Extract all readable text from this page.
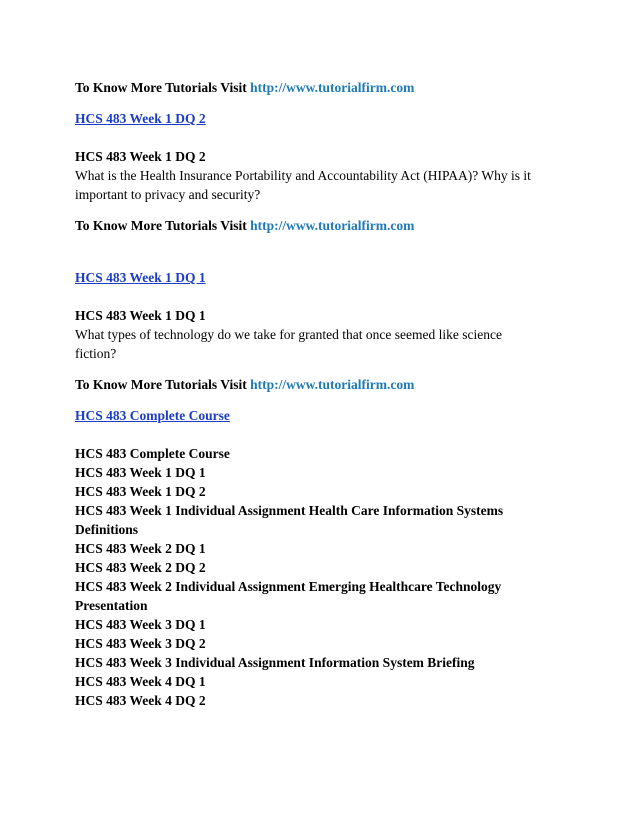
To Know More Tutorials Visit http://www.tutorialfirm.com
HCS 483 Week 1 DQ 2
HCS 483 Week 1 DQ 2
What is the Health Insurance Portability and Accountability Act (HIPAA)? Why is it important to privacy and security?
To Know More Tutorials Visit http://www.tutorialfirm.com
HCS 483 Week 1 DQ 1
HCS 483 Week 1 DQ 1
What types of technology do we take for granted that once seemed like science fiction?
To Know More Tutorials Visit http://www.tutorialfirm.com
HCS 483 Complete Course
HCS 483 Complete Course
HCS 483 Week 1 DQ 1
HCS 483 Week 1 DQ 2
HCS 483 Week 1 Individual Assignment Health Care Information Systems Definitions
HCS 483 Week 2 DQ 1
HCS 483 Week 2 DQ 2
HCS 483 Week 2 Individual Assignment Emerging Healthcare Technology Presentation
HCS 483 Week 3 DQ 1
HCS 483 Week 3 DQ 2
HCS 483 Week 3 Individual Assignment Information System Briefing
HCS 483 Week 4 DQ 1
HCS 483 Week 4 DQ 2
